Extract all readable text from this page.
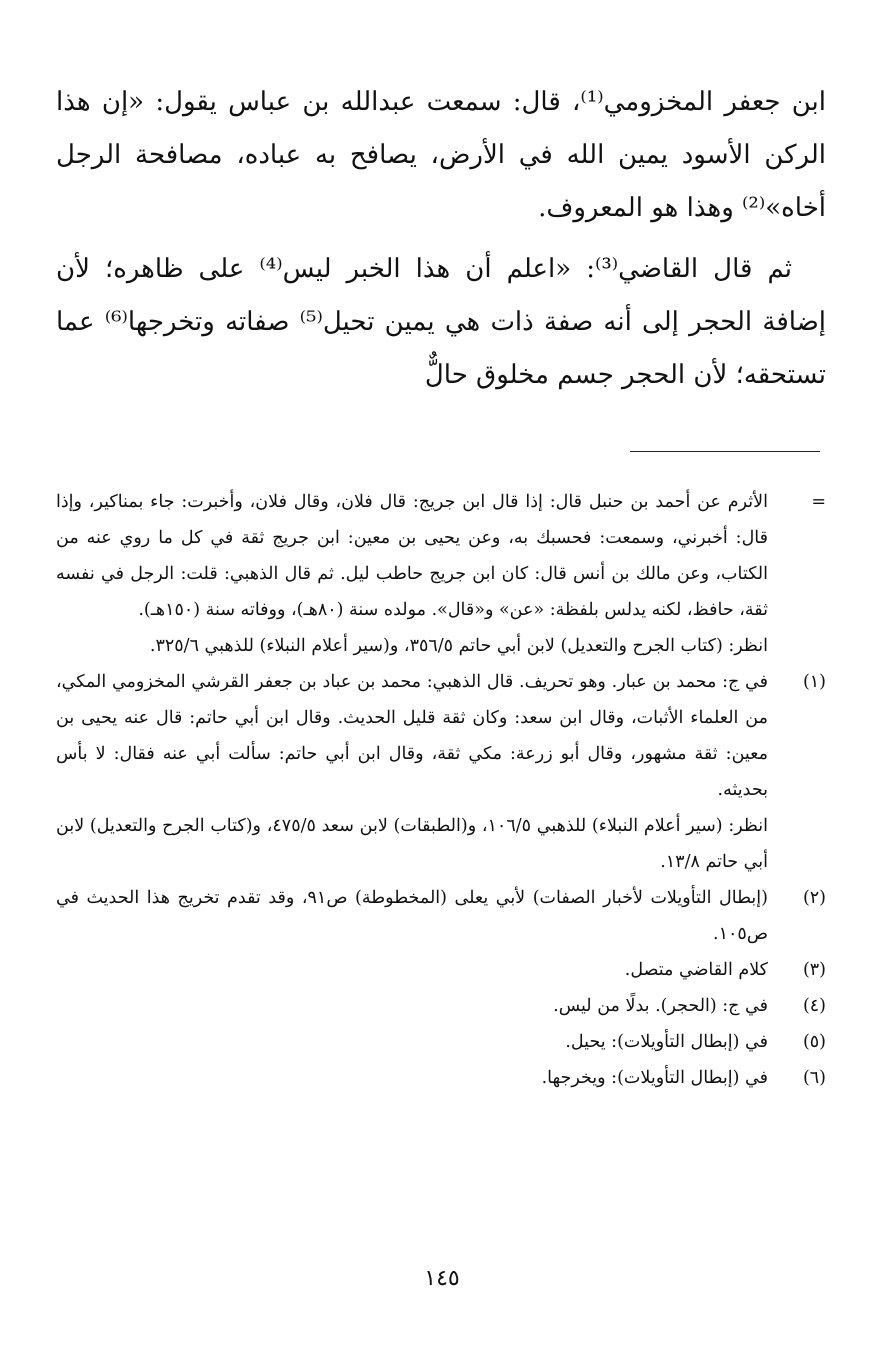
ابن جعفر المخزومي⁽¹⁾، قال: سمعت عبدالله بن عباس يقول: «إن هذا الركن الأسود يمين الله في الأرض، يصافح به عباده، مصافحة الرجل أخاه»⁽²⁾ وهذا هو المعروف.

ثم قال القاضي⁽³⁾: «اعلم أن هذا الخبر ليس⁽⁴⁾ على ظاهره؛ لأن إضافة الحجر إلى أنه صفة ذات هي يمين تحيل⁽⁵⁾ صفاته وتخرجها⁽⁶⁾ عما تستحقه؛ لأن الحجر جسم مخلوق حالٌّ

=
الأثرم عن أحمد بن حنبل قال: إذا قال ابن جريج: قال فلان، وقال فلان، وأخبرت: جاء بمناكير، وإذا قال: أخبرني، وسمعت: فحسبك به، وعن يحيى بن معين: ابن جريج ثقة في كل ما روي عنه من الكتاب، وعن مالك بن أنس قال: كان ابن جريج حاطب ليل. ثم قال الذهبي: قلت: الرجل في نفسه ثقة، حافظ، لكنه يدلس بلفظة: «عن» و«قال». مولده سنة (٨٠هـ)، ووفاته سنة (١٥٠هـ).
انظر: (كتاب الجرح والتعديل) لابن أبي حاتم ٣٥٦/٥، و(سير أعلام النبلاء) للذهبي ٣٢٥/٦.
(١)
في ج: محمد بن عبار. وهو تحريف. قال الذهبي: محمد بن عباد بن جعفر القرشي المخزومي المكي، من العلماء الأثبات، وقال ابن سعد: وكان ثقة قليل الحديث. وقال ابن أبي حاتم: قال عنه يحيى بن معين: ثقة مشهور، وقال أبو زرعة: مكي ثقة، وقال ابن أبي حاتم: سألت أبي عنه فقال: لا بأس بحديثه.
انظر: (سير أعلام النبلاء) للذهبي ١٠٦/٥، و(الطبقات) لابن سعد ٤٧٥/٥، و(كتاب الجرح والتعديل) لابن أبي حاتم ١٣/٨.
(٢)
(إبطال التأويلات لأخبار الصفات) لأبي يعلى (المخطوطة) ص٩١، وقد تقدم تخريج هذا الحديث في ص١٠٥.
(٣)
كلام القاضي متصل.
(٤)
في ج: (الحجر). بدلًا من ليس.
(٥)
في (إبطال التأويلات): يحيل.
(٦)
في (إبطال التأويلات): ويخرجها.
١٤٥
